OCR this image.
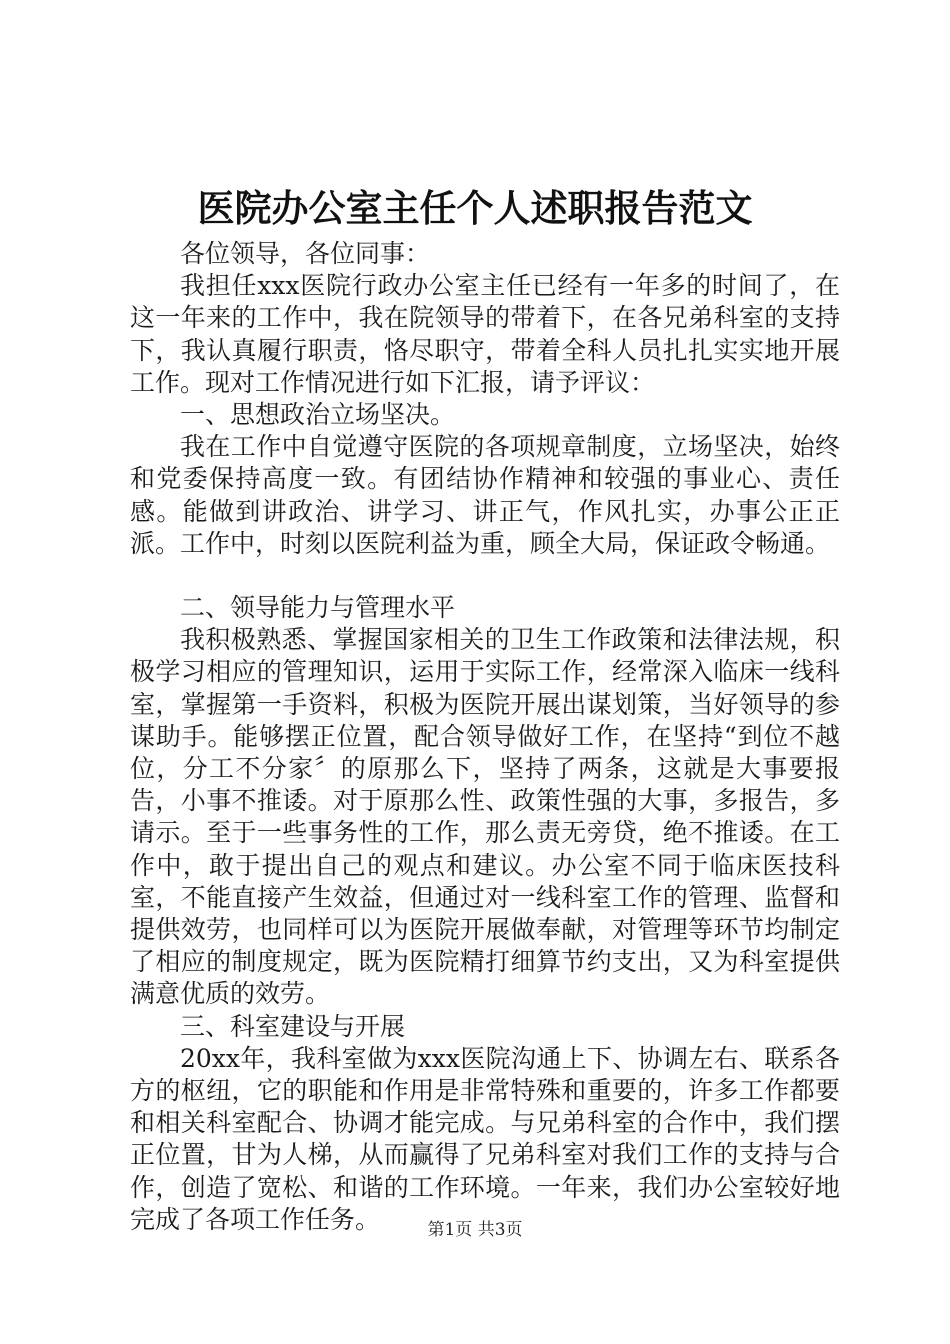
医院办公室主任个人述职报告范文

各位领导，各位同事：

我担任xxx医院行政办公室主任已经有一年多的时间了，在这一年来的工作中，我在院领导的带着下，在各兄弟科室的支持下，我认真履行职责，恪尽职守，带着全科人员扎扎实实地开展工作。现对工作情况进行如下汇报，请予评议：

一、思想政治立场坚决。

我在工作中自觉遵守医院的各项规章制度，立场坚决，始终和党委保持高度一致。有团结协作精神和较强的事业心、责任感。能做到讲政治、讲学习、讲正气，作风扎实，办事公正正派。工作中，时刻以医院利益为重，顾全大局，保证政令畅通。

二、领导能力与管理水平

我积极熟悉、掌握国家相关的卫生工作政策和法律法规，积极学习相应的管理知识，运用于实际工作，经常深入临床一线科室，掌握第一手资料，积极为医院开展出谋划策，当好领导的参谋助手。能够摆正位置，配合领导做好工作，在坚持“到位不越位，分工不分家〞的原那么下，坚持了两条，这就是大事要报告，小事不推诿。对于原那么性、政策性强的大事，多报告，多请示。至于一些事务性的工作，那么责无旁贷，绝不推诿。在工作中，敢于提出自己的观点和建议。办公室不同于临床医技科室，不能直接产生效益，但通过对一线科室工作的管理、监督和提供效劳，也同样可以为医院开展做奉献，对管理等环节均制定了相应的制度规定，既为医院精打细算节约支出，又为科室提供满意优质的效劳。

三、科室建设与开展

20xx年，我科室做为xxx医院沟通上下、协调左右、联系各方的枢纽，它的职能和作用是非常特殊和重要的，许多工作都要和相关科室配合、协调才能完成。与兄弟科室的合作中，我们摆正位置，甘为人梯，从而赢得了兄弟科室对我们工作的支持与合作，创造了宽松、和谐的工作环境。一年来，我们办公室较好地完成了各项工作任务。	第1页 共3页
